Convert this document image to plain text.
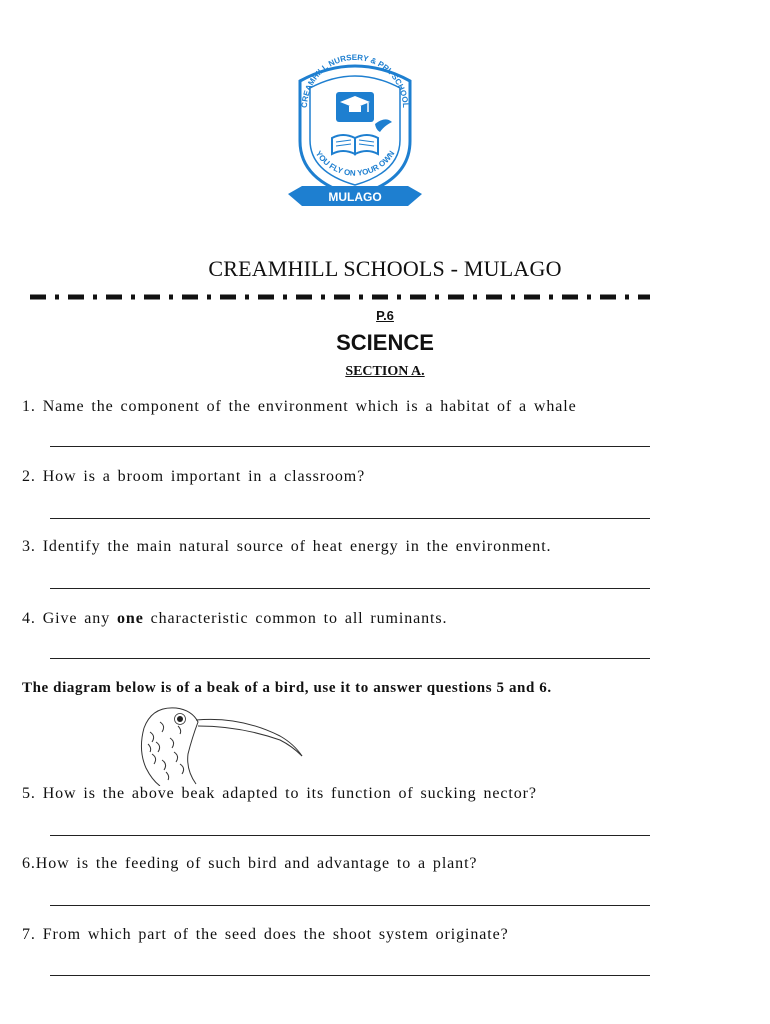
CREAMHILL NURSERY & PRI. SCHOOL
YOU FLY ON YOUR OWN
MULAGO
CREAMHILL SCHOOLS - MULAGO
P.6
SCIENCE
SECTION A.
1. Name the component of the environment which is a habitat of a whale
2. How is a broom important in a classroom?
3. Identify the main natural source of heat energy in the environment.
4. Give any one characteristic common to all ruminants.
The diagram below is of a beak of a bird, use it to answer questions 5 and 6.
5. How is the above beak adapted to its function of sucking nector?
6.How is the feeding of such bird and advantage to a plant?
7. From which part of the seed does the shoot system originate?
